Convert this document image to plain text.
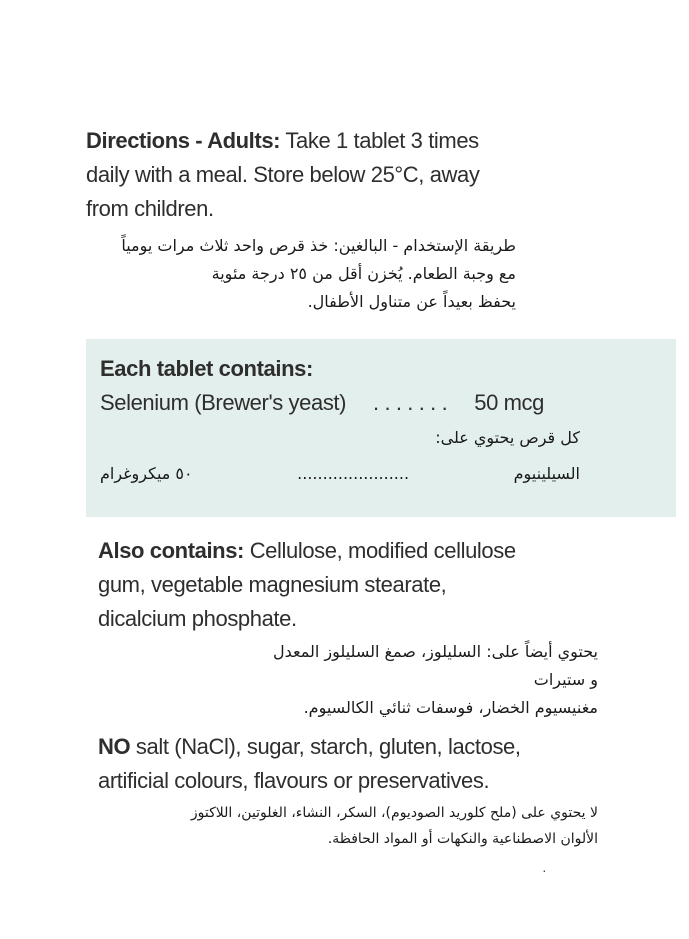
Directions - Adults: Take 1 tablet 3 times
daily with a meal. Store below 25°C, away
from children.
طريقة الإستخدام - البالغين: خذ قرص واحد ثلاث مرات يومياً
مع وجبة الطعام. يُخزن أقل من ٢٥ درجة مئوية
يحفظ بعيداً عن متناول الأطفال.
Each tablet contains:
Selenium (Brewer's yeast) . . . . . . . 50 mcg
كل قرص يحتوي على:
السيلينيوم
......................
٥٠ ميكروغرام
Also contains: Cellulose, modified cellulose
gum, vegetable magnesium stearate,
dicalcium phosphate.
يحتوي أيضاً على: السليلوز، صمغ السليلوز المعدل
و ستيرات
مغنيسيوم الخضار، فوسفات ثنائي الكالسيوم.
NO salt (NaCl), sugar, starch, gluten, lactose,
artificial colours, flavours or preservatives.
لا يحتوي على (ملح كلوريد الصوديوم)، السكر، النشاء، الغلوتين، اللاكتوز
الألوان الاصطناعية والنكهات أو المواد الحافظة.
·
